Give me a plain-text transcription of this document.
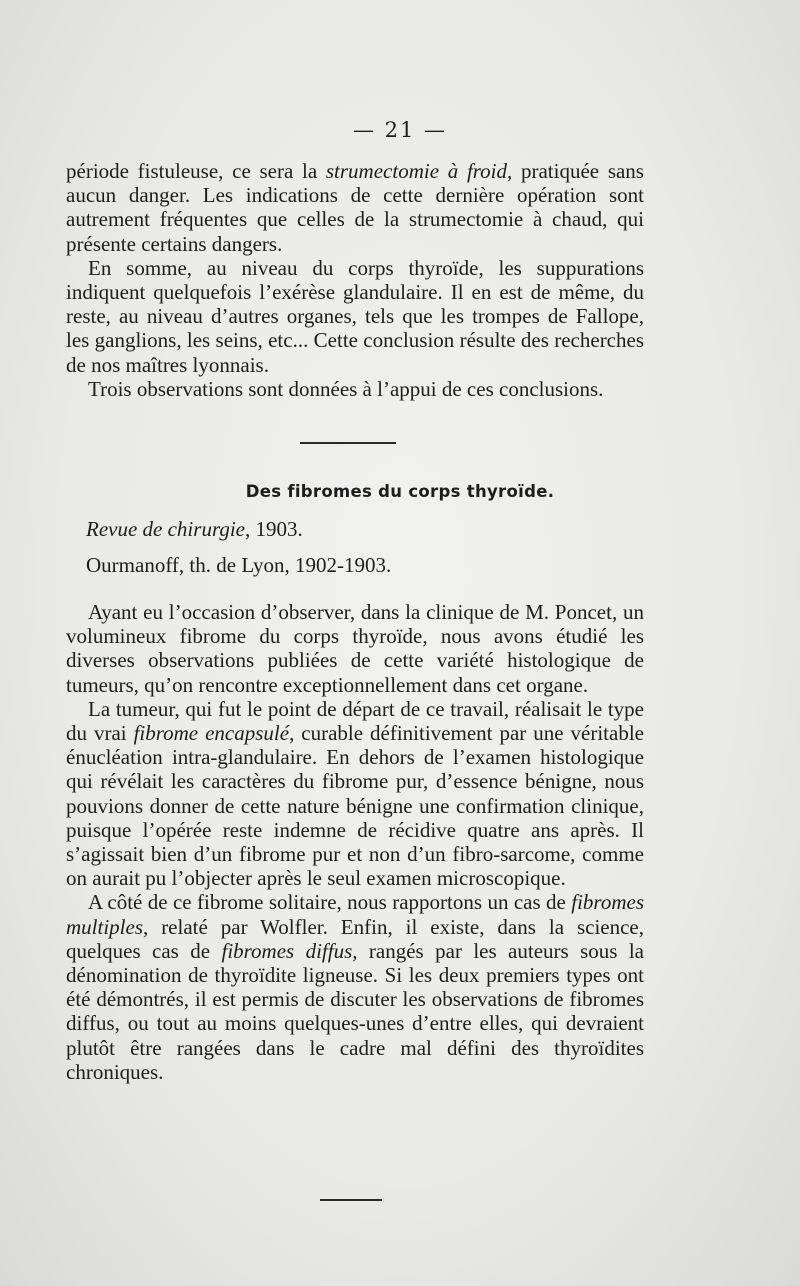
— 21 —

période fistuleuse, ce sera la strumectomie à froid, pratiquée sans aucun danger. Les indications de cette dernière opération sont autrement fréquentes que celles de la strumectomie à chaud, qui présente certains dangers.

En somme, au niveau du corps thyroïde, les suppurations indiquent quelquefois l’exérèse glandulaire. Il en est de même, du reste, au niveau d’autres organes, tels que les trompes de Fallope, les ganglions, les seins, etc... Cette conclusion résulte des recherches de nos maîtres lyonnais.

Trois observations sont données à l’appui de ces conclusions.

Des fibromes du corps thyroïde.
Revue de chirurgie, 1903.
Ourmanoff, th. de Lyon, 1902-1903.

Ayant eu l’occasion d’observer, dans la clinique de M. Poncet, un volumineux fibrome du corps thyroïde, nous avons étudié les diverses observations publiées de cette variété histologique de tumeurs, qu’on rencontre exceptionnellement dans cet organe.

La tumeur, qui fut le point de départ de ce travail, réalisait le type du vrai fibrome encapsulé, curable définitivement par une véritable énucléation intra-glandulaire. En dehors de l’examen histologique qui révélait les caractères du fibrome pur, d’essence bénigne, nous pouvions donner de cette nature bénigne une confirmation clinique, puisque l’opérée reste indemne de récidive quatre ans après. Il s’agissait bien d’un fibrome pur et non d’un fibro-sarcome, comme on aurait pu l’objecter après le seul examen microscopique.

A côté de ce fibrome solitaire, nous rapportons un cas de fibromes multiples, relaté par Wolfler. Enfin, il existe, dans la science, quelques cas de fibromes diffus, rangés par les auteurs sous la dénomination de thyroïdite ligneuse. Si les deux premiers types ont été démontrés, il est permis de discuter les observations de fibromes diffus, ou tout au moins quelques-unes d’entre elles, qui devraient plutôt être rangées dans le cadre mal défini des thyroïdites chroniques.
